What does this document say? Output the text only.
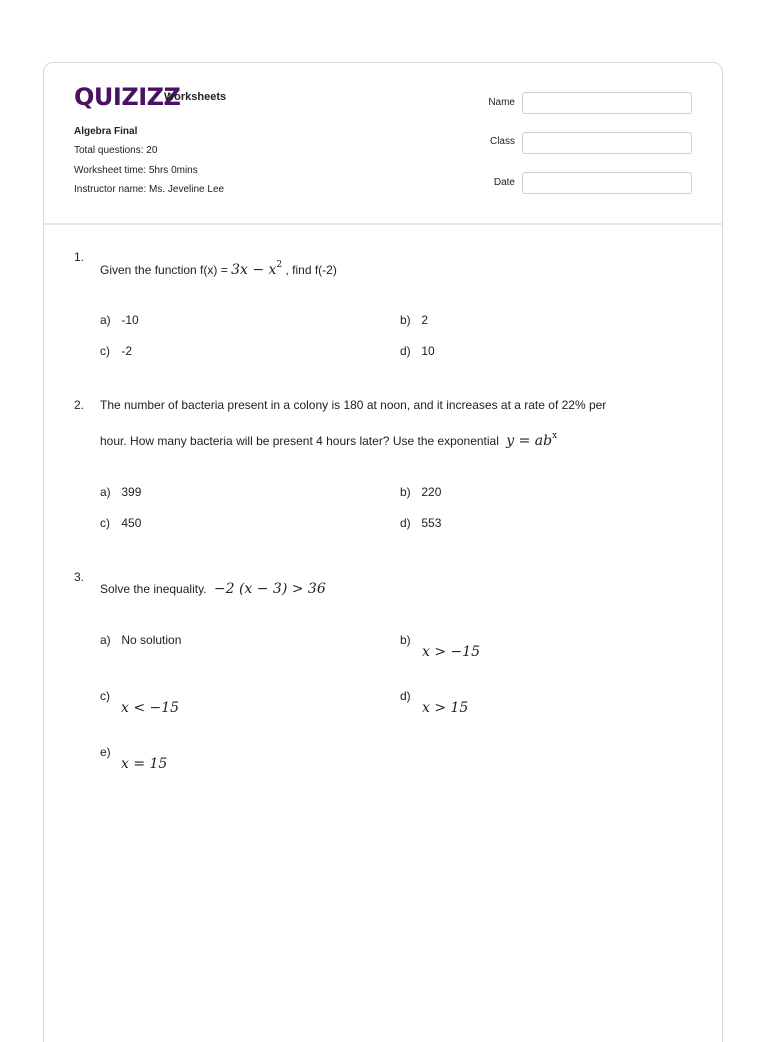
QUIZIZZ
Worksheets
Algebra Final
Total questions: 20
Worksheet time: 5hrs 0mins
Instructor name: Ms. Jeveline Lee
Name
Class
Date
1.
Given the function $f(x) = 3x - x^2$ , find f(-2)
a) -10	b) 2
c) -2	d) 10
2. The number of bacteria present in a colony is 180 at noon, and it increases at a rate of 22% per
hour. How many bacteria will be present 4 hours later? Use the exponential $y = ab^x$
a) 399	b) 220
c) 450	d) 553
3.
Solve the inequality. −2 (x − 3) > 36
a) No solution	b)
x > −15
c)
x < −15
d)
x > 15
e)
x = 15
